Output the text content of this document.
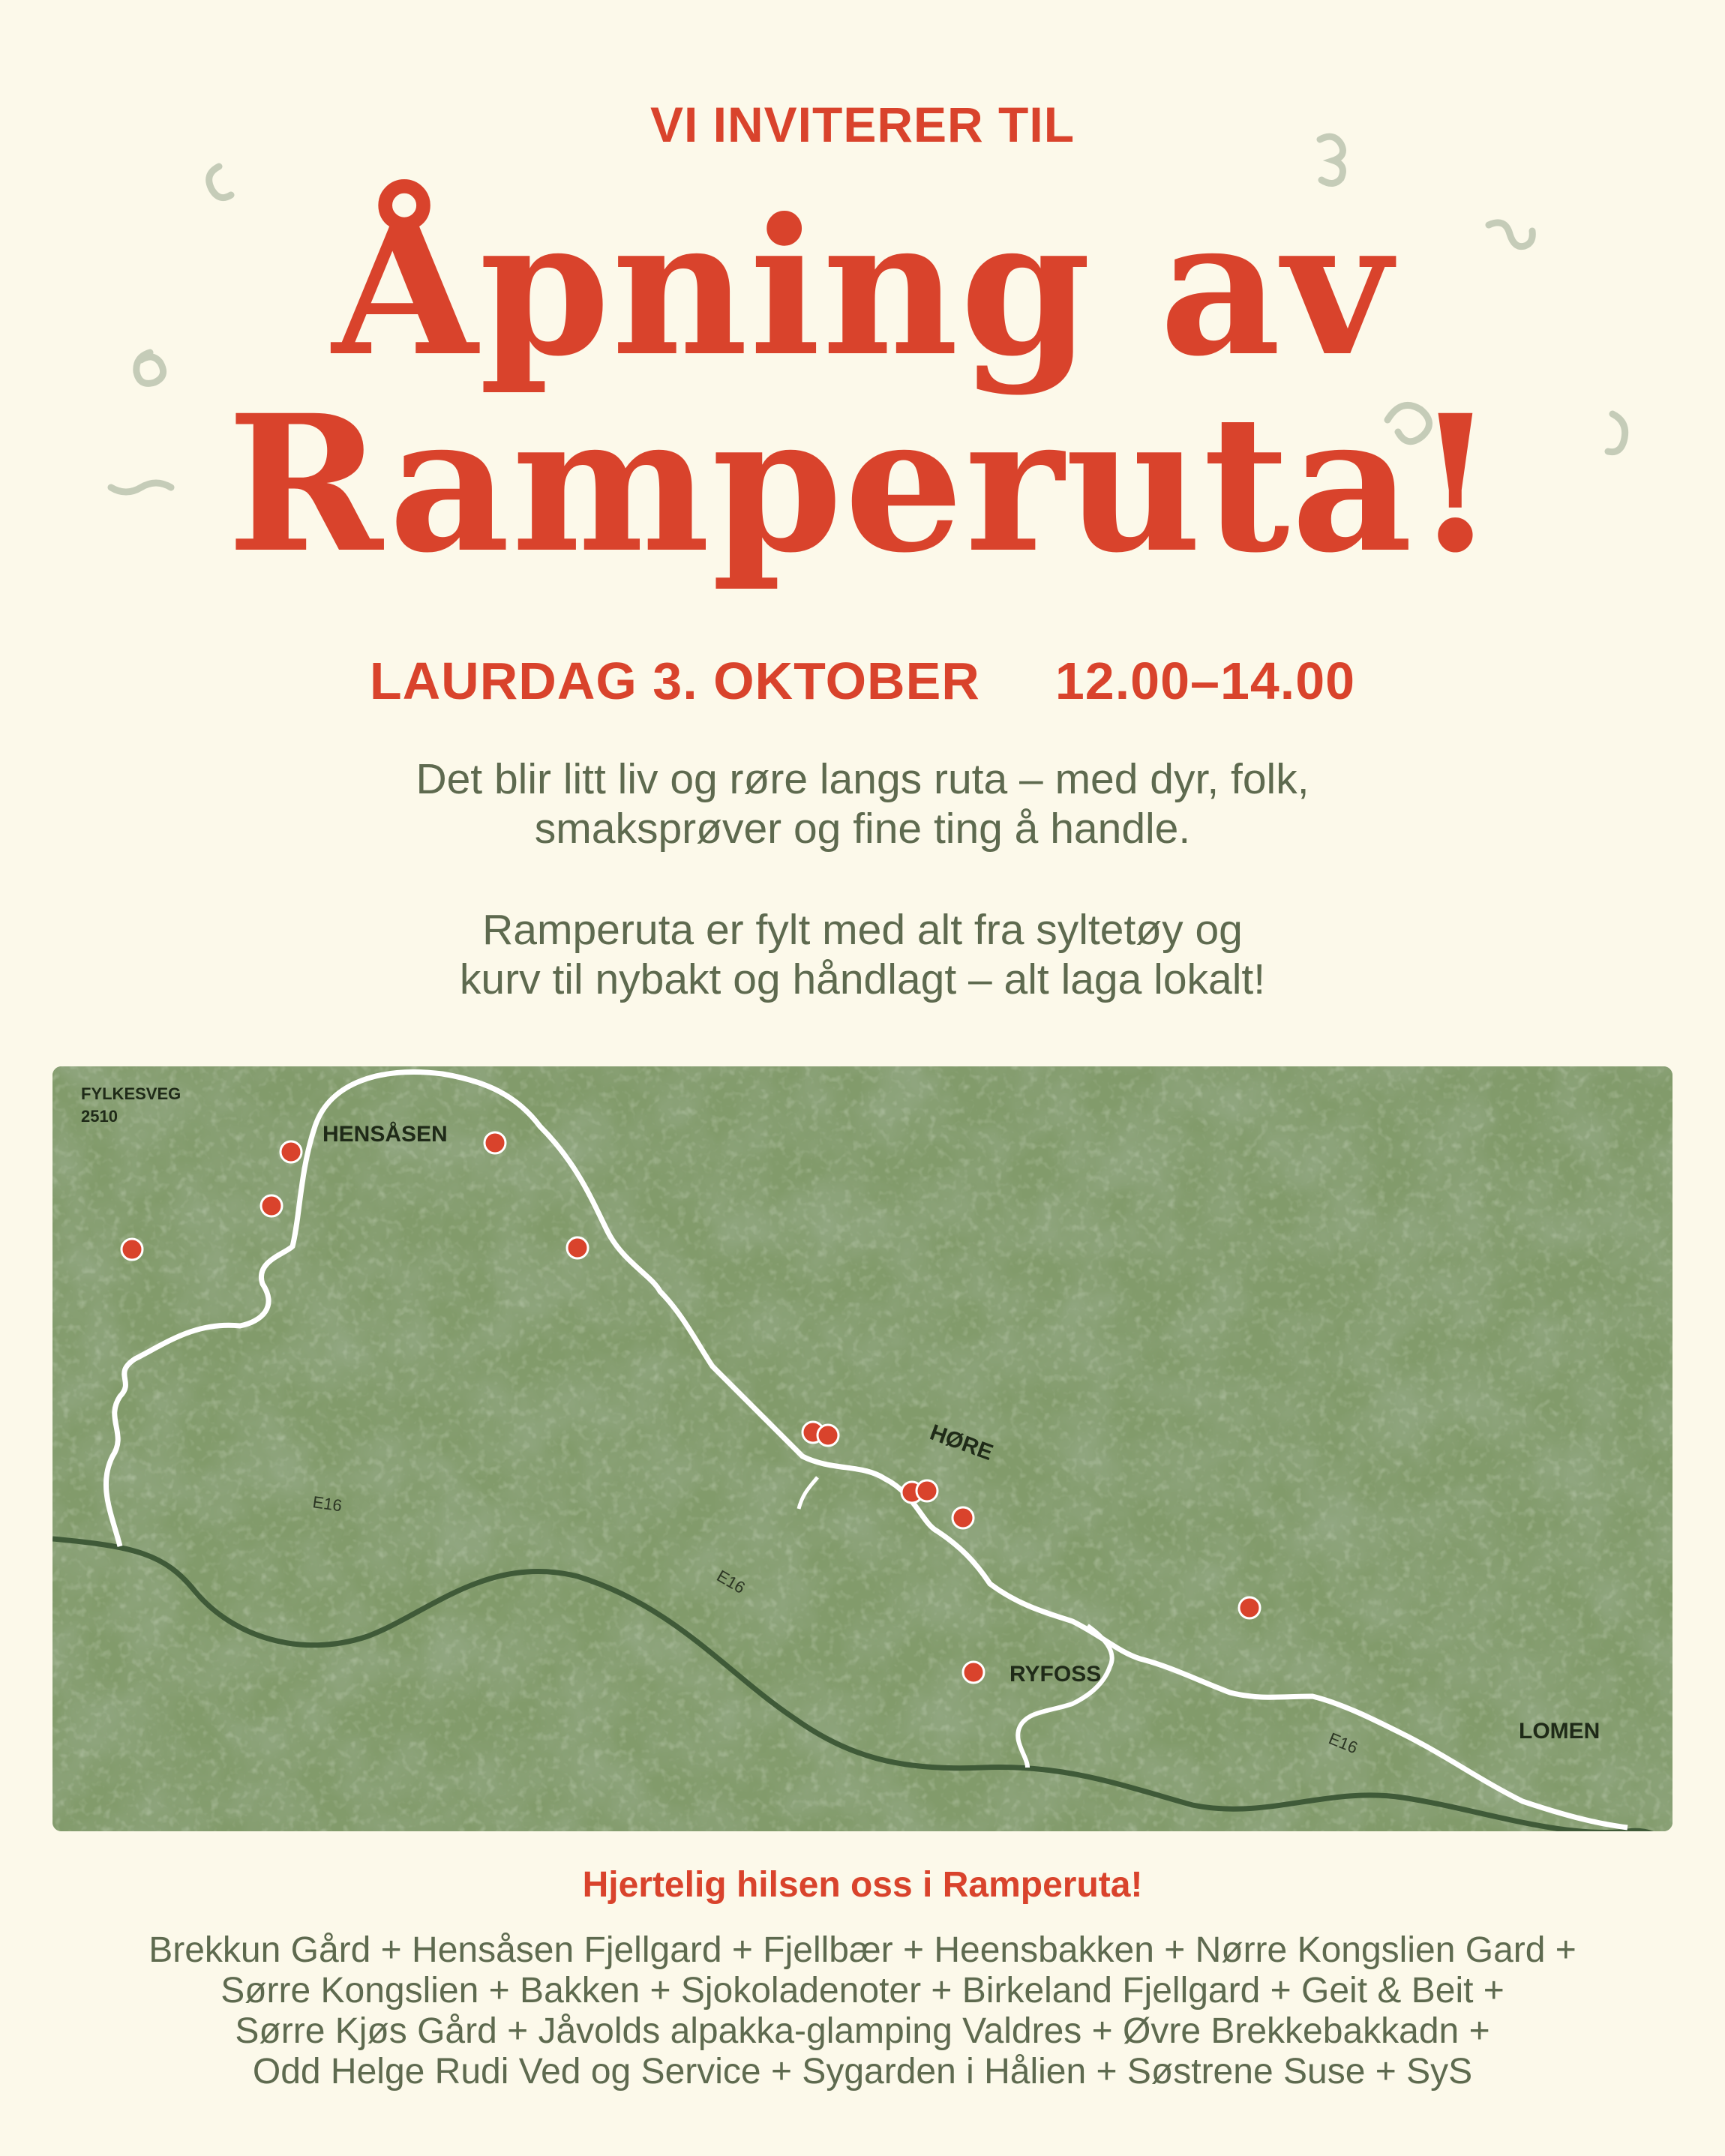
VI INVITERER TIL
Åpning av
Ramperuta!
LAURDAG 3. OKTOBER 12.00–14.00
Det blir litt liv og røre langs ruta – med dyr, folk,
smaksprøver og fine ting å handle.
Ramperuta er fylt med alt fra syltetøy og
kurv til nybakt og håndlagt – alt laga lokalt!
FYLKESVEG
2510
HENSÅSEN
HØRE
RYFOSS
LOMEN
E16
E16
E16
Hjertelig hilsen oss i Ramperuta!
Brekkun Gård + Hensåsen Fjellgard + Fjellbær + Heensbakken + Nørre Kongslien Gard +
Sørre Kongslien + Bakken + Sjokoladenoter + Birkeland Fjellgard + Geit & Beit +
Sørre Kjøs Gård + Jåvolds alpakka-glamping Valdres + Øvre Brekkebakkadn +
Odd Helge Rudi Ved og Service + Sygarden i Hålien + Søstrene Suse + SyS
